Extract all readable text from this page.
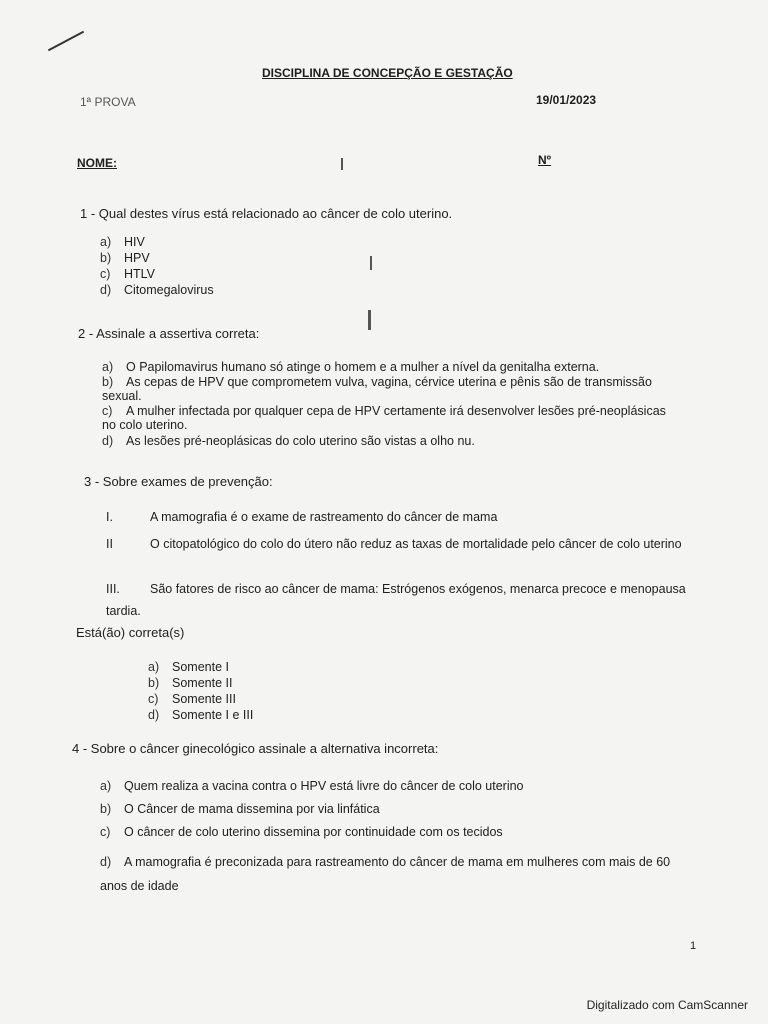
DISCIPLINA DE CONCEPÇÃO E GESTAÇÃO
1ª PROVA	19/01/2023
NOME:	Nº
1 - Qual destes vírus está relacionado ao câncer de colo uterino.
a) HIV
b) HPV
c) HTLV
d) Citomegalovirus
2 - Assinale a assertiva correta:
a) O Papilomavirus humano só atinge o homem e a mulher a nível da genitalha externa.
b) As cepas de HPV que comprometem vulva, vagina, cérvice uterina e pênis são de transmissão sexual.
c) A mulher infectada por qualquer cepa de HPV certamente irá desenvolver lesões pré-neoplásicas no colo uterino.
d) As lesões pré-neoplásicas do colo uterino são vistas a olho nu.
3 - Sobre exames de prevenção:
I.	A mamografia é o exame de rastreamento do câncer de mama
II	O citopatológico do colo do útero não reduz as taxas de mortalidade pelo câncer de colo uterino
III. São fatores de risco ao câncer de mama: Estrógenos exógenos, menarca precoce e menopausa tardia.
Está(ão) correta(s)
a) Somente I
b) Somente II
c) Somente III
d) Somente I e III
4 - Sobre o câncer ginecológico assinale a alternativa incorreta:
a) Quem realiza a vacina contra o HPV está livre do câncer de colo uterino
b) O Câncer de mama dissemina por via linfática
c) O câncer de colo uterino dissemina por continuidade com os tecidos
d) A mamografia é preconizada para rastreamento do câncer de mama em mulheres com mais de 60 anos de idade
1
Digitalizado com CamScanner
